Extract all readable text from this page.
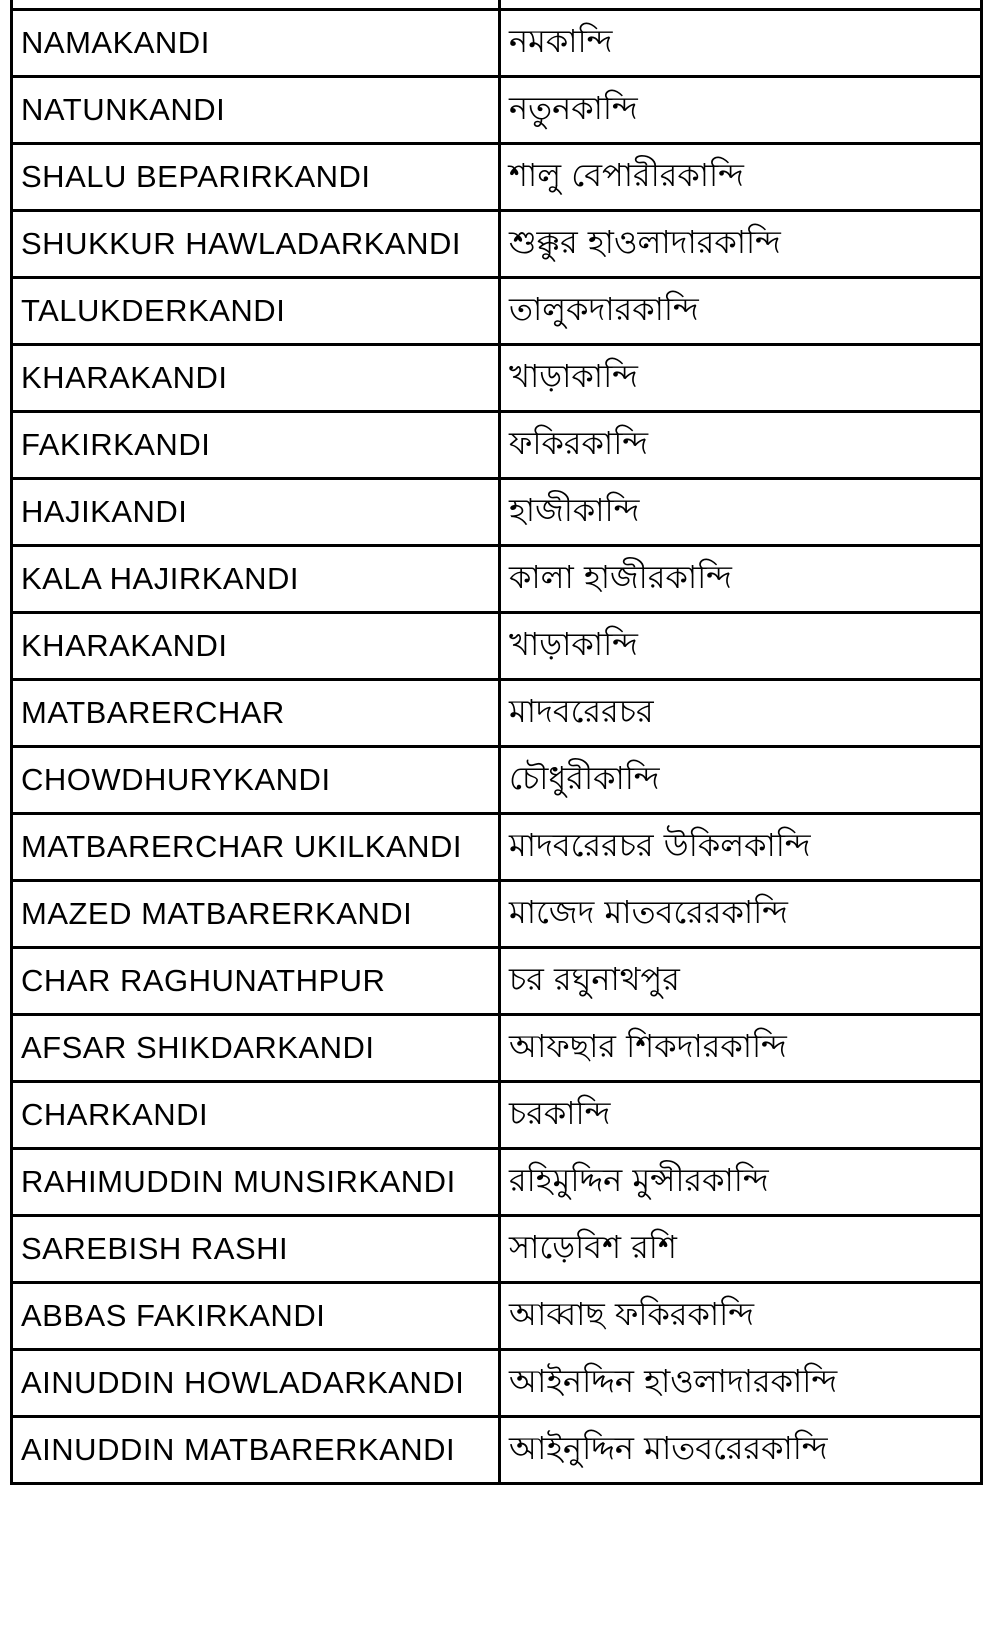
NAMAKANDI	নমকান্দি
NATUNKANDI	নতুনকান্দি
SHALU BEPARIRKANDI	শালু বেপারীরকান্দি
SHUKKUR HAWLADARKANDI	শুক্কুর হাওলাদারকান্দি
TALUKDERKANDI	তালুকদারকান্দি
KHARAKANDI	খাড়াকান্দি
FAKIRKANDI	ফকিরকান্দি
HAJIKANDI	হাজীকান্দি
KALA HAJIRKANDI	কালা হাজীরকান্দি
KHARAKANDI	খাড়াকান্দি
MATBARERCHAR	মাদবরেরচর
CHOWDHURYKANDI	চৌধুরীকান্দি
MATBARERCHAR UKILKANDI	মাদবরেরচর উকিলকান্দি
MAZED MATBARERKANDI	মাজেদ মাতবরেরকান্দি
CHAR RAGHUNATHPUR	চর রঘুনাথপুর
AFSAR SHIKDARKANDI	আফছার শিকদারকান্দি
CHARKANDI	চরকান্দি
RAHIMUDDIN MUNSIRKANDI	রহিমুদ্দিন মুন্সীরকান্দি
SAREBISH RASHI	সাড়েবিশ রশি
ABBAS FAKIRKANDI	আব্বাছ ফকিরকান্দি
AINUDDIN HOWLADARKANDI	আইনদ্দিন হাওলাদারকান্দি
AINUDDIN MATBARERKANDI	আইনুদ্দিন মাতবরেরকান্দি
